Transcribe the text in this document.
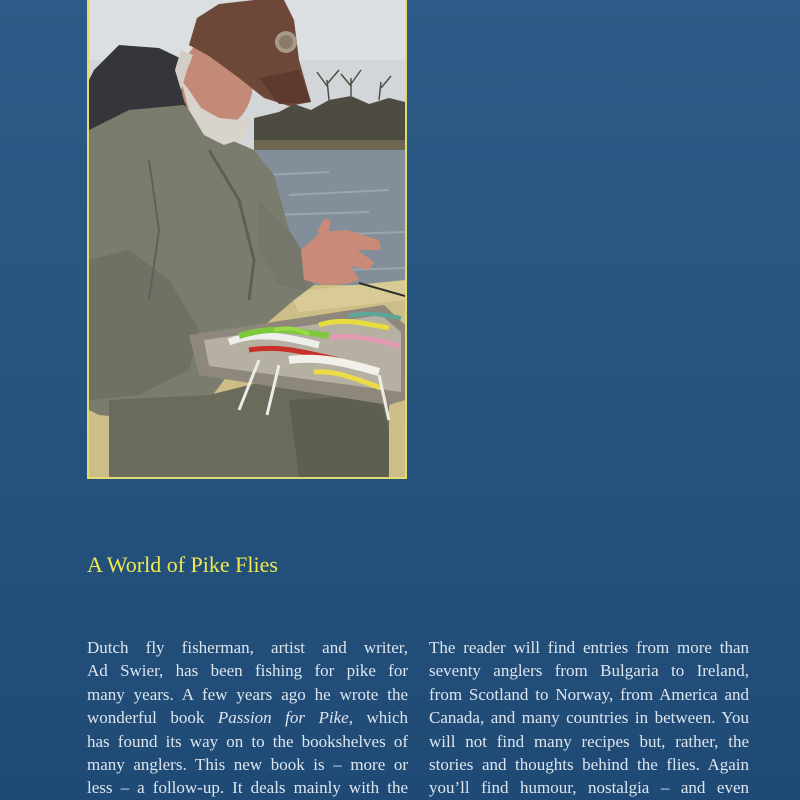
A World of Pike Flies
Dutch fly fisherman, artist and writer,
Ad Swier, has been fishing for pike for
many years. A few years ago he wrote the
wonderful book Passion for Pike, which
has found its way on to the bookshelves of
many anglers. This new book is – more or
less – a follow-up. It deals mainly with the
The reader will find entries from more than
seventy anglers from Bulgaria to Ireland,
from Scotland to Norway, from America and
Canada, and many countries in between. You
will not find many recipes but, rather, the
stories and thoughts behind the flies. Again
you’ll find humour, nostalgia – and even
